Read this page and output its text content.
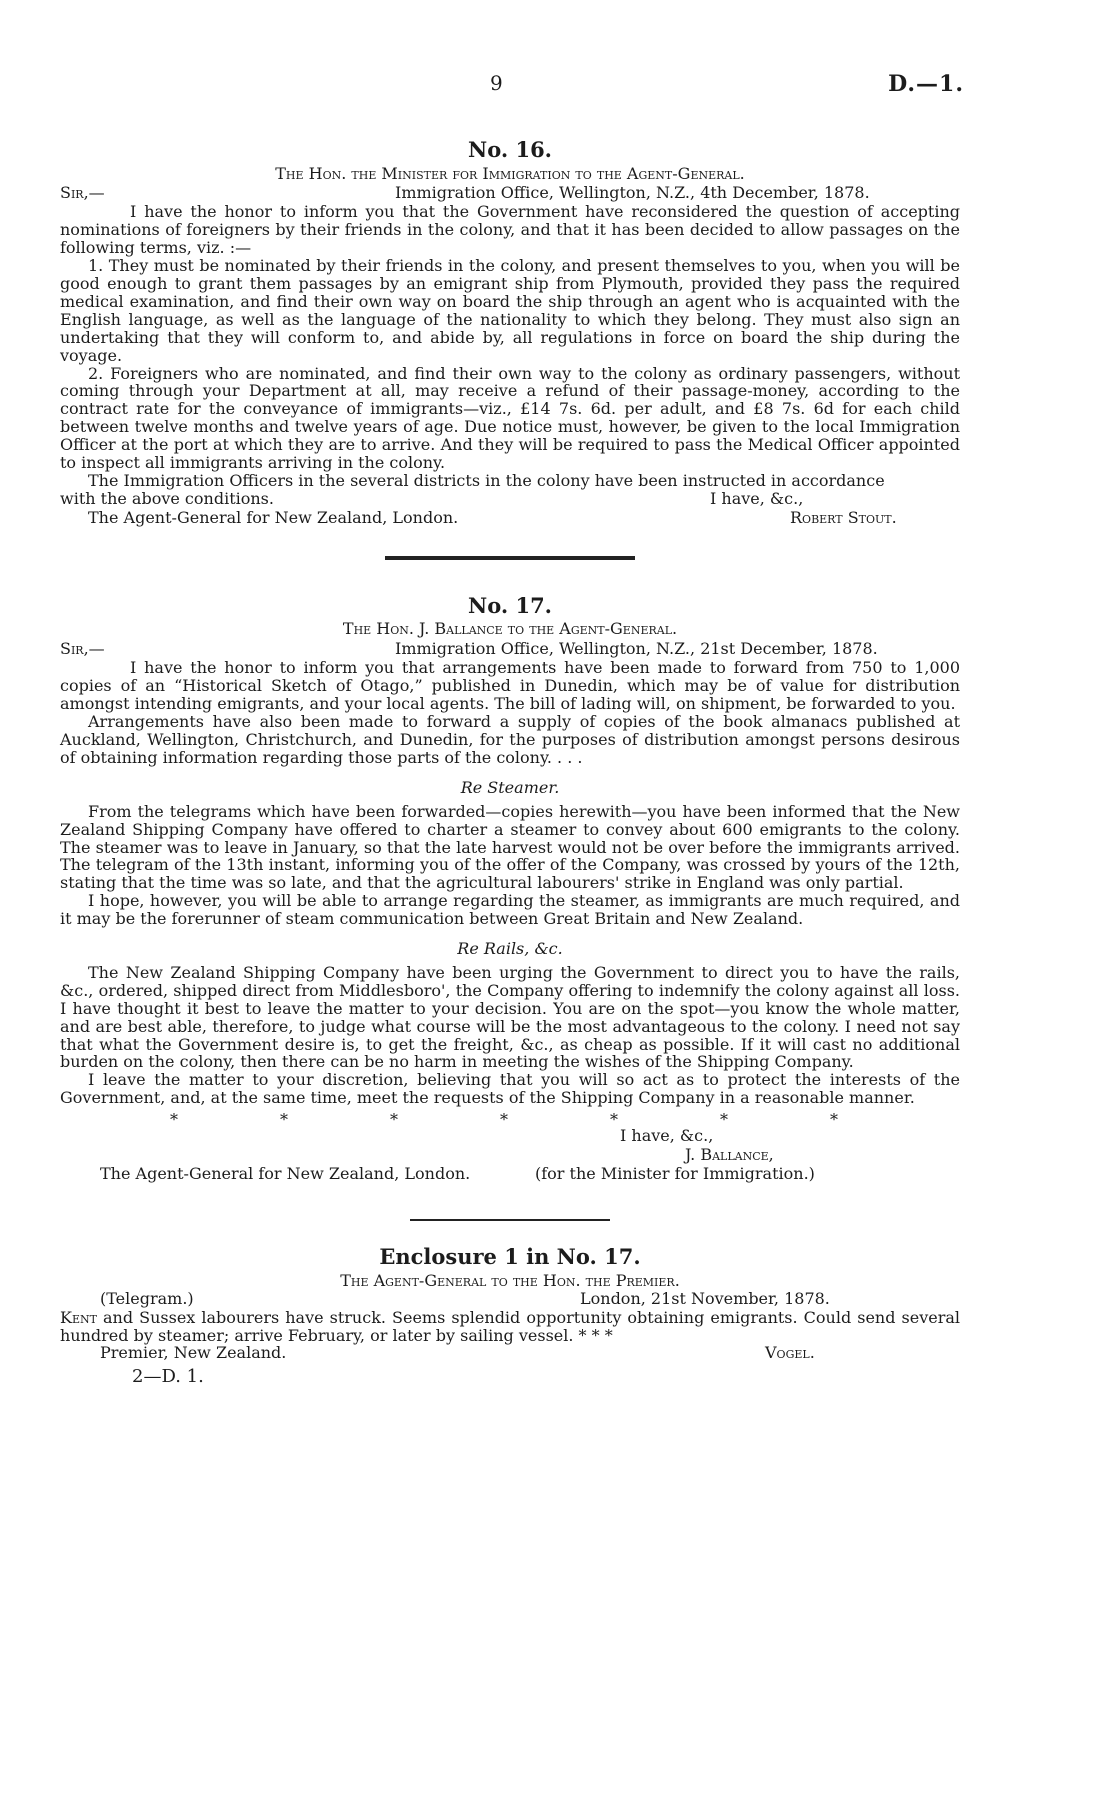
9	D.—1.
No. 16.
The Hon. the Minister for Immigration to the Agent-General.
Sir,—	Immigration Office, Wellington, N.Z., 4th December, 1878.

I have the honor to inform you that the Government have reconsidered the question of accepting nominations of foreigners by their friends in the colony, and that it has been decided to allow passages on the following terms, viz. :—

1. They must be nominated by their friends in the colony, and present themselves to you, when you will be good enough to grant them passages by an emigrant ship from Plymouth, provided they pass the required medical examination, and find their own way on board the ship through an agent who is acquainted with the English language, as well as the language of the nationality to which they belong. They must also sign an undertaking that they will conform to, and abide by, all regulations in force on board the ship during the voyage.

2. Foreigners who are nominated, and find their own way to the colony as ordinary passengers, without coming through your Department at all, may receive a refund of their passage-money, according to the contract rate for the conveyance of immigrants—viz., £14 7s. 6d. per adult, and £8 7s. 6d for each child between twelve months and twelve years of age. Due notice must, however, be given to the local Immigration Officer at the port at which they are to arrive. And they will be required to pass the Medical Officer appointed to inspect all immigrants arriving in the colony.

The Immigration Officers in the several districts in the colony have been instructed in accordance

with the above conditions.	I have, &c.,
The Agent-General for New Zealand, London.	Robert Stout.
No. 17.
The Hon. J. Ballance to the Agent-General.
Sir,—	Immigration Office, Wellington, N.Z., 21st December, 1878.

I have the honor to inform you that arrangements have been made to forward from 750 to 1,000 copies of an “Historical Sketch of Otago,” published in Dunedin, which may be of value for distribution amongst intending emigrants, and your local agents. The bill of lading will, on shipment, be forwarded to you.

Arrangements have also been made to forward a supply of copies of the book almanacs published at Auckland, Wellington, Christchurch, and Dunedin, for the purposes of distribution amongst persons desirous of obtaining information regarding those parts of the colony. . . .

Re Steamer.

From the telegrams which have been forwarded—copies herewith—you have been informed that the New Zealand Shipping Company have offered to charter a steamer to convey about 600 emigrants to the colony. The steamer was to leave in January, so that the late harvest would not be over before the immigrants arrived. The telegram of the 13th instant, informing you of the offer of the Company, was crossed by yours of the 12th, stating that the time was so late, and that the agricultural labourers' strike in England was only partial.

I hope, however, you will be able to arrange regarding the steamer, as immigrants are much required, and it may be the forerunner of steam communication between Great Britain and New Zealand.

Re Rails, &c.

The New Zealand Shipping Company have been urging the Government to direct you to have the rails, &c., ordered, shipped direct from Middlesboro', the Company offering to indemnify the colony against all loss. I have thought it best to leave the matter to your decision. You are on the spot—you know the whole matter, and are best able, therefore, to judge what course will be the most advantageous to the colony. I need not say that what the Government desire is, to get the freight, &c., as cheap as possible. If it will cast no additional burden on the colony, then there can be no harm in meeting the wishes of the Shipping Company.

I leave the matter to your discretion, believing that you will so act as to protect the interests of the Government, and, at the same time, meet the requests of the Shipping Company in a reasonable manner.

*	*	*	*	*	*	*
I have, &c.,
J. Ballance,
(for the Minister for Immigration.)
The Agent-General for New Zealand, London.
Enclosure 1 in No. 17.
The Agent-General to the Hon. the Premier.
(Telegram.)	London, 21st November, 1878.

Kent and Sussex labourers have struck. Seems splendid opportunity obtaining emigrants. Could send several hundred by steamer; arrive February, or later by sailing vessel. * * *

Premier, New Zealand.	Vogel.
2—D. 1.
